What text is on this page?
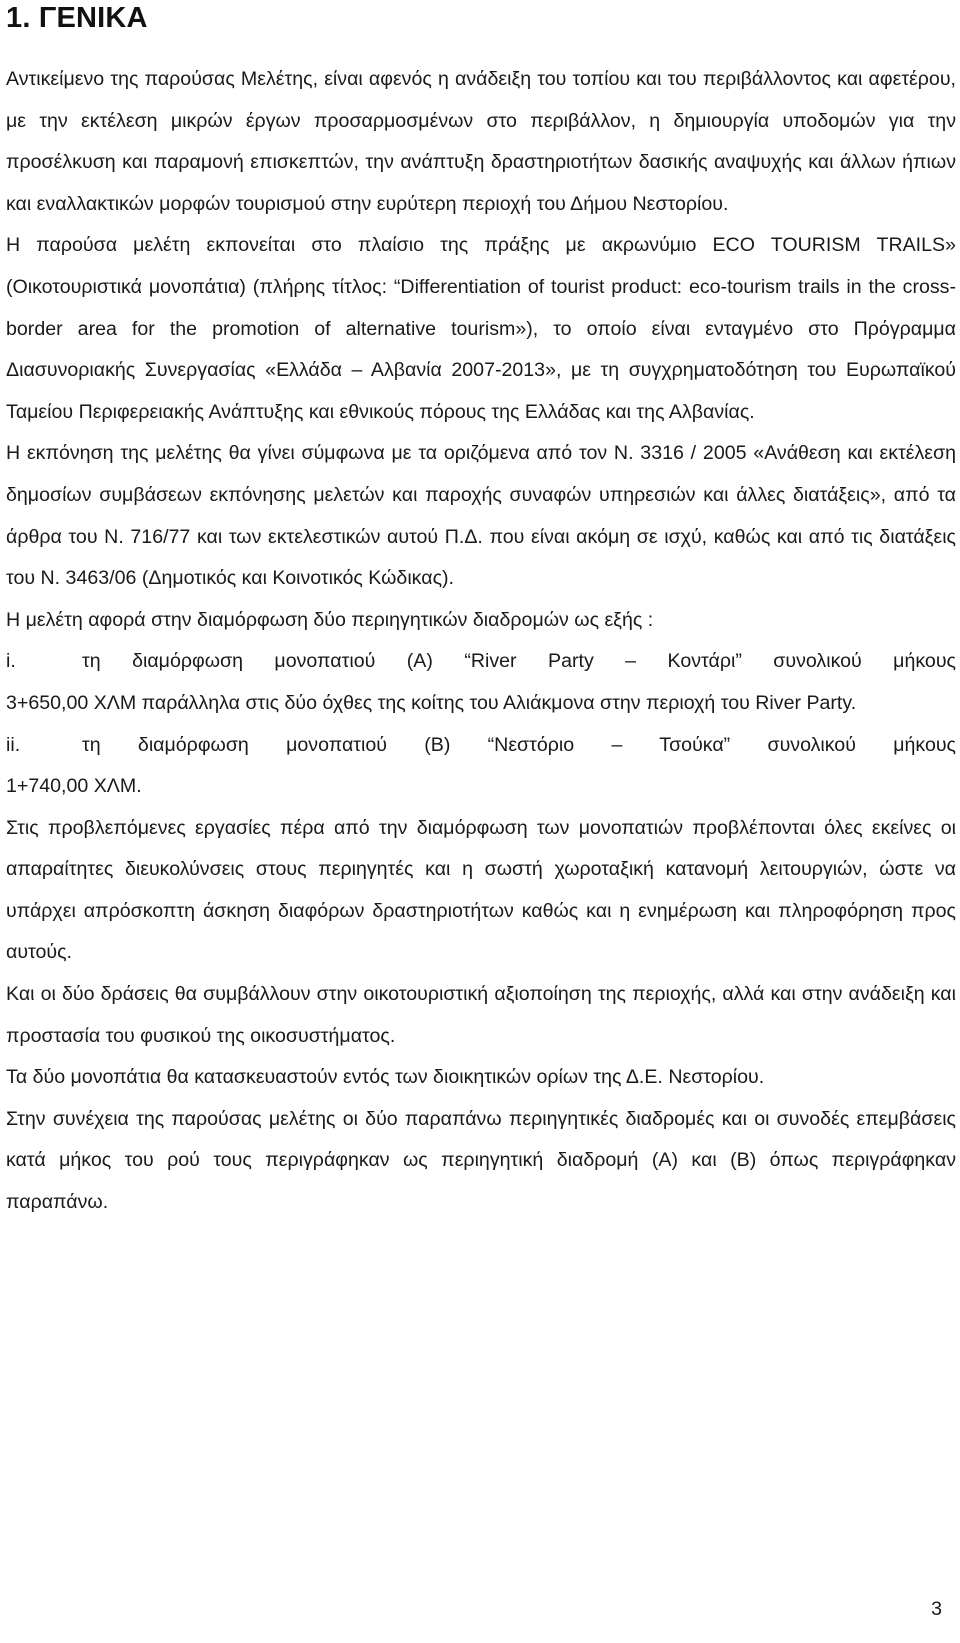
1. ΓΕΝΙΚΑ

Αντικείμενο της παρούσας Μελέτης, είναι αφενός η ανάδειξη του τοπίου και του περιβάλλοντος και αφετέρου, με την εκτέλεση μικρών έργων προσαρμοσμένων στο περιβάλλον, η δημιουργία υποδομών για την προσέλκυση και παραμονή επισκεπτών, την ανάπτυξη δραστηριοτήτων δασικής αναψυχής και άλλων ήπιων και εναλλακτικών μορφών τουρισμού στην ευρύτερη περιοχή του Δήμου Νεστορίου.

Η παρούσα μελέτη εκπονείται στο πλαίσιο της πράξης με ακρωνύμιο ECO TOURISM TRAILS» (Οικοτουριστικά μονοπάτια) (πλήρης τίτλος: “Differentiation of tourist product: eco-tourism trails in the cross-border area for the promotion of alternative tourism»), το οποίο είναι ενταγμένο στο Πρόγραμμα Διασυνοριακής Συνεργασίας «Ελλάδα – Αλβανία 2007-2013», με τη συγχρηματοδότηση του Ευρωπαϊκού Ταμείου Περιφερειακής Ανάπτυξης και εθνικούς πόρους της Ελλάδας και της Αλβανίας.

Η εκπόνηση της μελέτης θα γίνει σύμφωνα με τα οριζόμενα από τον Ν. 3316 / 2005 «Ανάθεση και εκτέλεση δημοσίων συμβάσεων εκπόνησης μελετών και παροχής συναφών υπηρεσιών και άλλες διατάξεις», από τα άρθρα του Ν. 716/77 και των εκτελεστικών αυτού Π.Δ. που είναι ακόμη σε ισχύ, καθώς και από τις διατάξεις του Ν. 3463/06 (Δημοτικός και Κοινοτικός Κώδικας).

Η μελέτη αφορά στην διαμόρφωση δύο περιηγητικών διαδρομών ως εξής :

i.	τη διαμόρφωση μονοπατιού (Α) “River Party – Κοντάρι” συνολικού μήκους

3+650,00 ΧΛΜ παράλληλα στις δύο όχθες της κοίτης του Αλιάκμονα στην περιοχή του River Party.

ii.	τη διαμόρφωση μονοπατιού (Β) “Νεστόριο – Τσούκα” συνολικού μήκους

1+740,00 ΧΛΜ.

Στις προβλεπόμενες εργασίες πέρα από την διαμόρφωση των μονοπατιών προβλέπονται όλες εκείνες οι απαραίτητες διευκολύνσεις στους περιηγητές και η σωστή χωροταξική κατανομή λειτουργιών, ώστε να υπάρχει απρόσκοπτη άσκηση διαφόρων δραστηριοτήτων καθώς και η ενημέρωση και πληροφόρηση προς αυτούς.

Και οι δύο δράσεις θα συμβάλλουν στην οικοτουριστική αξιοποίηση της περιοχής, αλλά και στην ανάδειξη και προστασία του φυσικού της οικοσυστήματος.

Τα δύο μονοπάτια θα κατασκευαστούν εντός των διοικητικών ορίων της Δ.Ε. Νεστορίου.

Στην συνέχεια της παρούσας μελέτης οι δύο παραπάνω περιηγητικές διαδρομές και οι συνοδές επεμβάσεις κατά μήκος του ρού τους περιγράφηκαν ως περιηγητική διαδρομή (Α) και (Β) όπως περιγράφηκαν παραπάνω.

3
